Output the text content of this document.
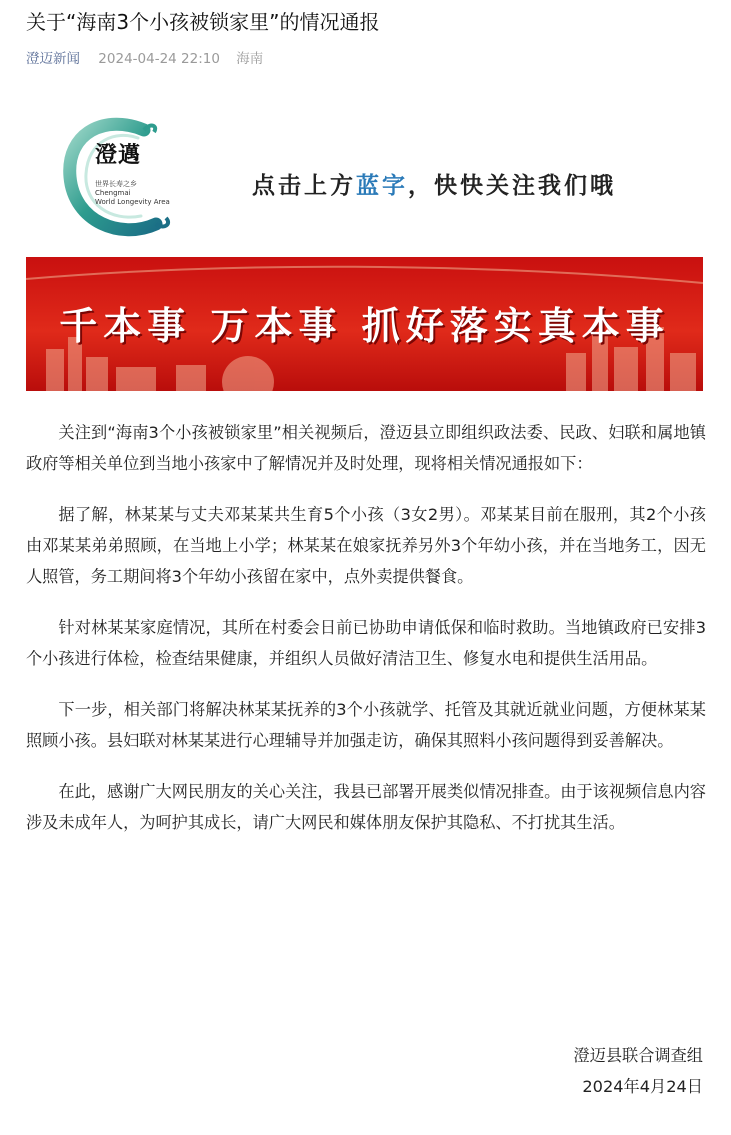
关于“海南3个小孩被锁家里”的情况通报
澄迈新闻 2024-04-24 22:10 海南
点击上方蓝字，快快关注我们哦
澄邁
世界长寿之乡
Chengmai
World Longevity Area
千本事 万本事 抓好落实真本事

关注到“海南3个小孩被锁家里”相关视频后，澄迈县立即组织政法委、民政、妇联和属地镇政府等相关单位到当地小孩家中了解情况并及时处理，现将相关情况通报如下：

据了解，林某某与丈夫邓某某共生育5个小孩（3女2男）。邓某某目前在服刑，其2个小孩由邓某某弟弟照顾，在当地上小学；林某某在娘家抚养另外3个年幼小孩，并在当地务工，因无人照管，务工期间将3个年幼小孩留在家中，点外卖提供餐食。

针对林某某家庭情况，其所在村委会日前已协助申请低保和临时救助。当地镇政府已安排3个小孩进行体检，检查结果健康，并组织人员做好清洁卫生、修复水电和提供生活用品。

下一步，相关部门将解决林某某抚养的3个小孩就学、托管及其就近就业问题，方便林某某照顾小孩。县妇联对林某某进行心理辅导并加强走访，确保其照料小孩问题得到妥善解决。

在此，感谢广大网民朋友的关心关注，我县已部署开展类似情况排查。由于该视频信息内容涉及未成年人，为呵护其成长，请广大网民和媒体朋友保护其隐私、不打扰其生活。

澄迈县联合调查组
2024年4月24日
